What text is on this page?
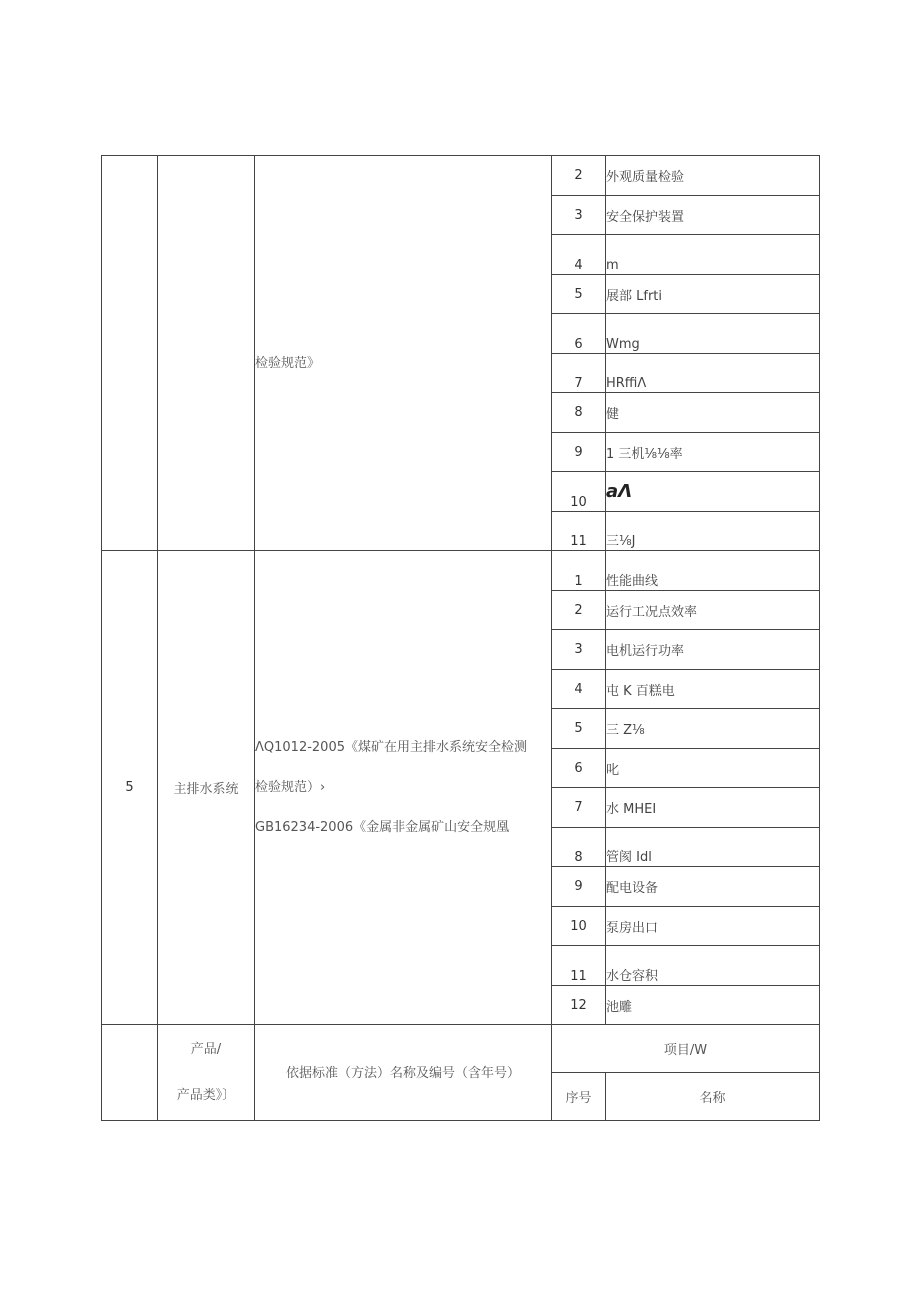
		检验规范》	2	外观质量检验
			3	安全保护装置
			4	m
			5	展部 Lfrti
			6	Wmg
			7	HRffiΛ
			8	健
			9	1 三机⅛⅛率
			10	aΛ
			11	三⅛J
5	主排水系统	ΛQ1012-2005《煤矿在用主排水系统安全检测
检验规范）›
GB16234-2006《金属非金属矿山安全规凰	1	性能曲线
			2	运行工况点效率
			3	电机运行功率
			4	屯 K 百糕电
			5	三 Z⅛
			6	叱
			7	水 MHEI
			8	管阂 Idl
			9	配电设备
			10	泵房出口
			11	水仓容积
			12	池雕

	产品/
产品类》〕	依据标准（方法）名称及编号（含年号）	项目/W	
			序号	名称
